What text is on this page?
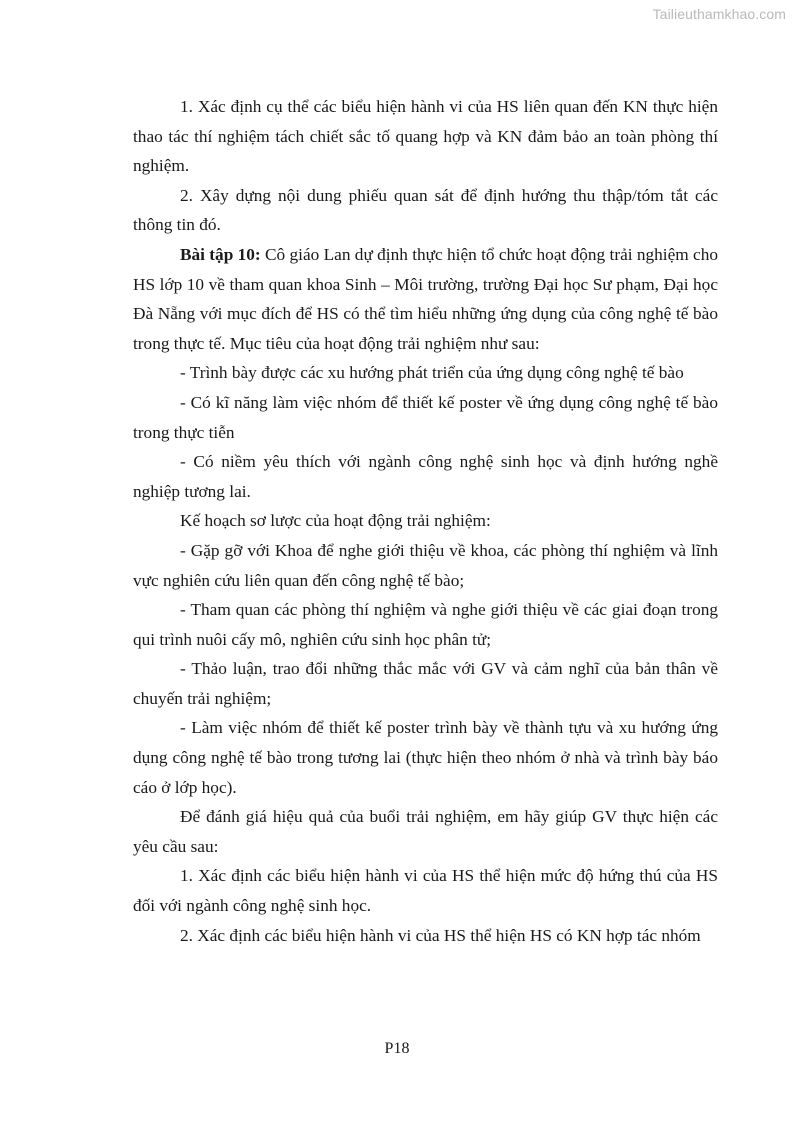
Tailieuthamkhao.com

1. Xác định cụ thể các biểu hiện hành vi của HS liên quan đến KN thực hiện thao tác thí nghiệm tách chiết sắc tố quang hợp và KN đảm bảo an toàn phòng thí nghiệm.

2. Xây dựng nội dung phiếu quan sát để định hướng thu thập/tóm tắt các thông tin đó.

Bài tập 10: Cô giáo Lan dự định thực hiện tổ chức hoạt động trải nghiệm cho HS lớp 10 về tham quan khoa Sinh – Môi trường, trường Đại học Sư phạm, Đại học Đà Nẵng với mục đích để HS có thể tìm hiểu những ứng dụng của công nghệ tế bào trong thực tế. Mục tiêu của hoạt động trải nghiệm như sau:

- Trình bày được các xu hướng phát triển của ứng dụng công nghệ tế bào

- Có kĩ năng làm việc nhóm để thiết kế poster về ứng dụng công nghệ tế bào trong thực tiễn

- Có niềm yêu thích với ngành công nghệ sinh học và định hướng nghề nghiệp tương lai.

Kế hoạch sơ lược của hoạt động trải nghiệm:

- Gặp gỡ với Khoa để nghe giới thiệu về khoa, các phòng thí nghiệm và lĩnh vực nghiên cứu liên quan đến công nghệ tế bào;

- Tham quan các phòng thí nghiệm và nghe giới thiệu về các giai đoạn trong qui trình nuôi cấy mô, nghiên cứu sinh học phân tử;

- Thảo luận, trao đổi những thắc mắc với GV và cảm nghĩ của bản thân về chuyến trải nghiệm;

- Làm việc nhóm để thiết kế poster trình bày về thành tựu và xu hướng ứng dụng công nghệ tế bào trong tương lai (thực hiện theo nhóm ở nhà và trình bày báo cáo ở lớp học).

Để đánh giá hiệu quả của buổi trải nghiệm, em hãy giúp GV thực hiện các yêu cầu sau:

1. Xác định các biểu hiện hành vi của HS thể hiện mức độ hứng thú của HS đối với ngành công nghệ sinh học.

2. Xác định các biểu hiện hành vi của HS thể hiện HS có KN hợp tác nhóm

P18
